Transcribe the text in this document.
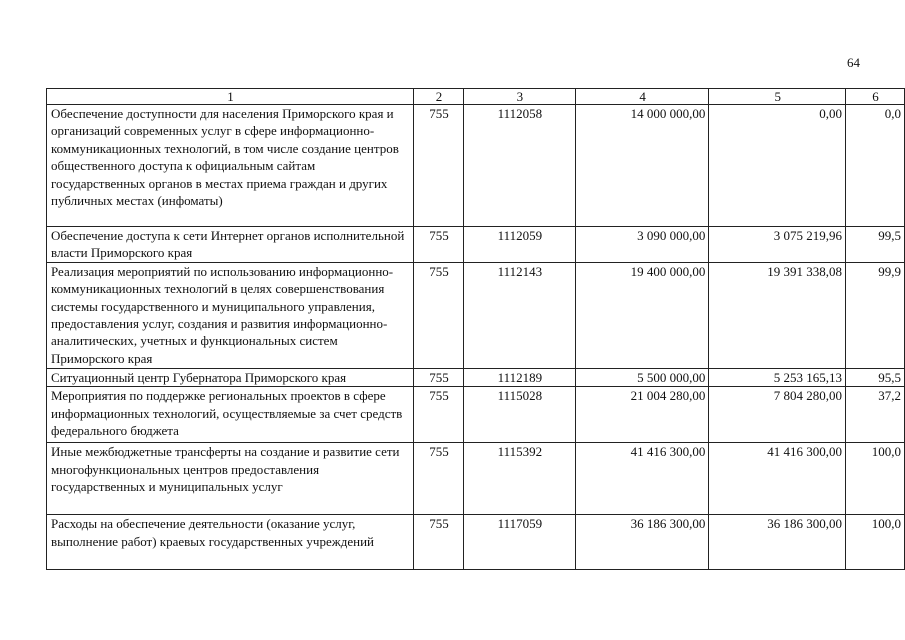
64
1	2	3	4	5	6
Обеспечение доступности для населения Приморского края и организаций современных услуг в сфере информационно-коммуникационных технологий, в том числе создание центров общественного доступа к официальным сайтам государственных органов в местах приема граждан и других публичных местах (инфоматы)	755	1112058	14 000 000,00	0,00	0,0
Обеспечение доступа к сети Интернет органов исполнительной власти Приморского края	755	1112059	3 090 000,00	3 075 219,96	99,5
Реализация мероприятий по использованию информационно-коммуникационных технологий в целях совершенствования системы государственного и муниципального управления, предоставления услуг, создания и развития информационно-аналитических, учетных и функциональных систем Приморского края	755	1112143	19 400 000,00	19 391 338,08	99,9
Ситуационный центр Губернатора Приморского края	755	1112189	5 500 000,00	5 253 165,13	95,5
Мероприятия по поддержке региональных проектов в сфере информационных технологий, осуществляемые за счет средств федерального бюджета	755	1115028	21 004 280,00	7 804 280,00	37,2
Иные межбюджетные трансферты на создание и развитие сети многофункциональных центров предоставления государственных и муниципальных услуг	755	1115392	41 416 300,00	41 416 300,00	100,0
Расходы на обеспечение деятельности (оказание услуг, выполнение работ) краевых государственных учреждений	755	1117059	36 186 300,00	36 186 300,00	100,0
